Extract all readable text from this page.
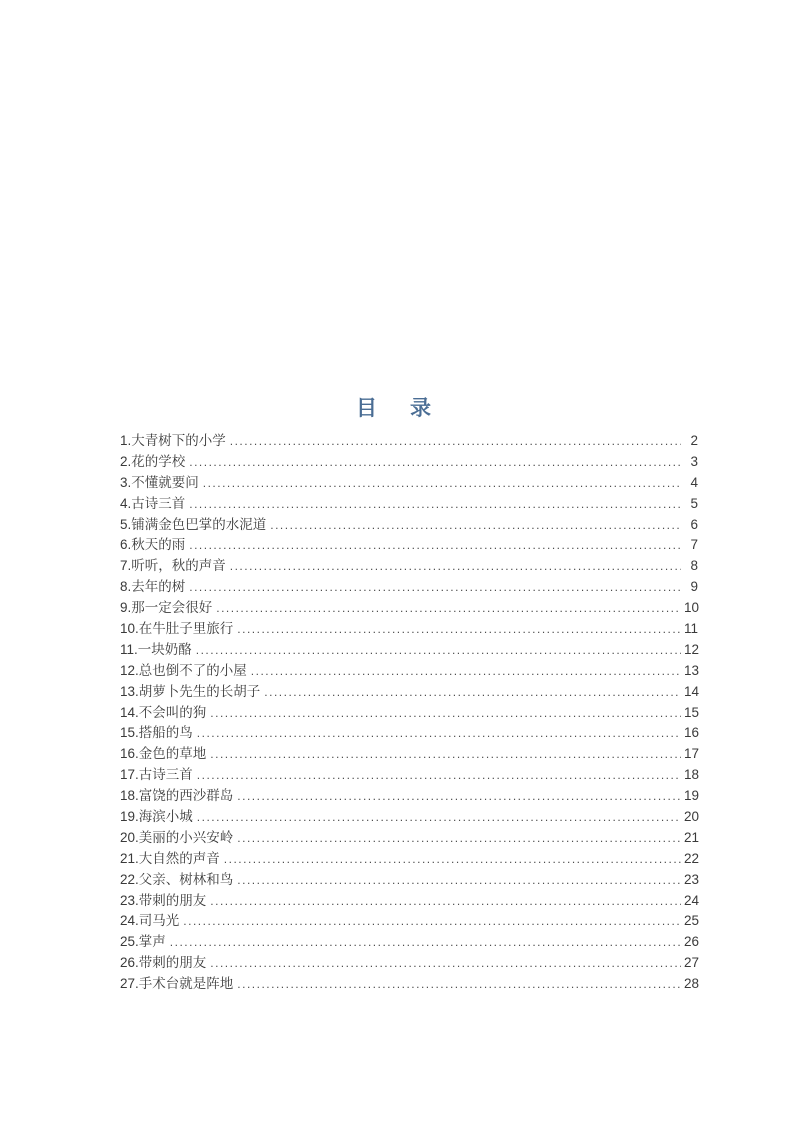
目　录
1.大青树下的小学 .....	2
2.花的学校 .....	3
3.不懂就要问 .....	4
4.古诗三首 .....	5
5.铺满金色巴掌的水泥道 .....	6
6.秋天的雨 .....	7
7.听听，秋的声音 .....	8
8.去年的树 .....	9
9.那一定会很好 .....	10
10.在牛肚子里旅行 .....	11
11.一块奶酪 .....	12
12.总也倒不了的小屋 .....	13
13.胡萝卜先生的长胡子 .....	14
14.不会叫的狗 .....	15
15.搭船的鸟 .....	16
16.金色的草地 .....	17
17.古诗三首 .....	18
18.富饶的西沙群岛 .....	19
19.海滨小城 .....	20
20.美丽的小兴安岭 .....	21
21.大自然的声音 .....	22
22.父亲、树林和鸟 .....	23
23.带刺的朋友 .....	24
24.司马光 .....	25
25.掌声 .....	26
26.带刺的朋友 .....	27
27.手术台就是阵地 .....	28
